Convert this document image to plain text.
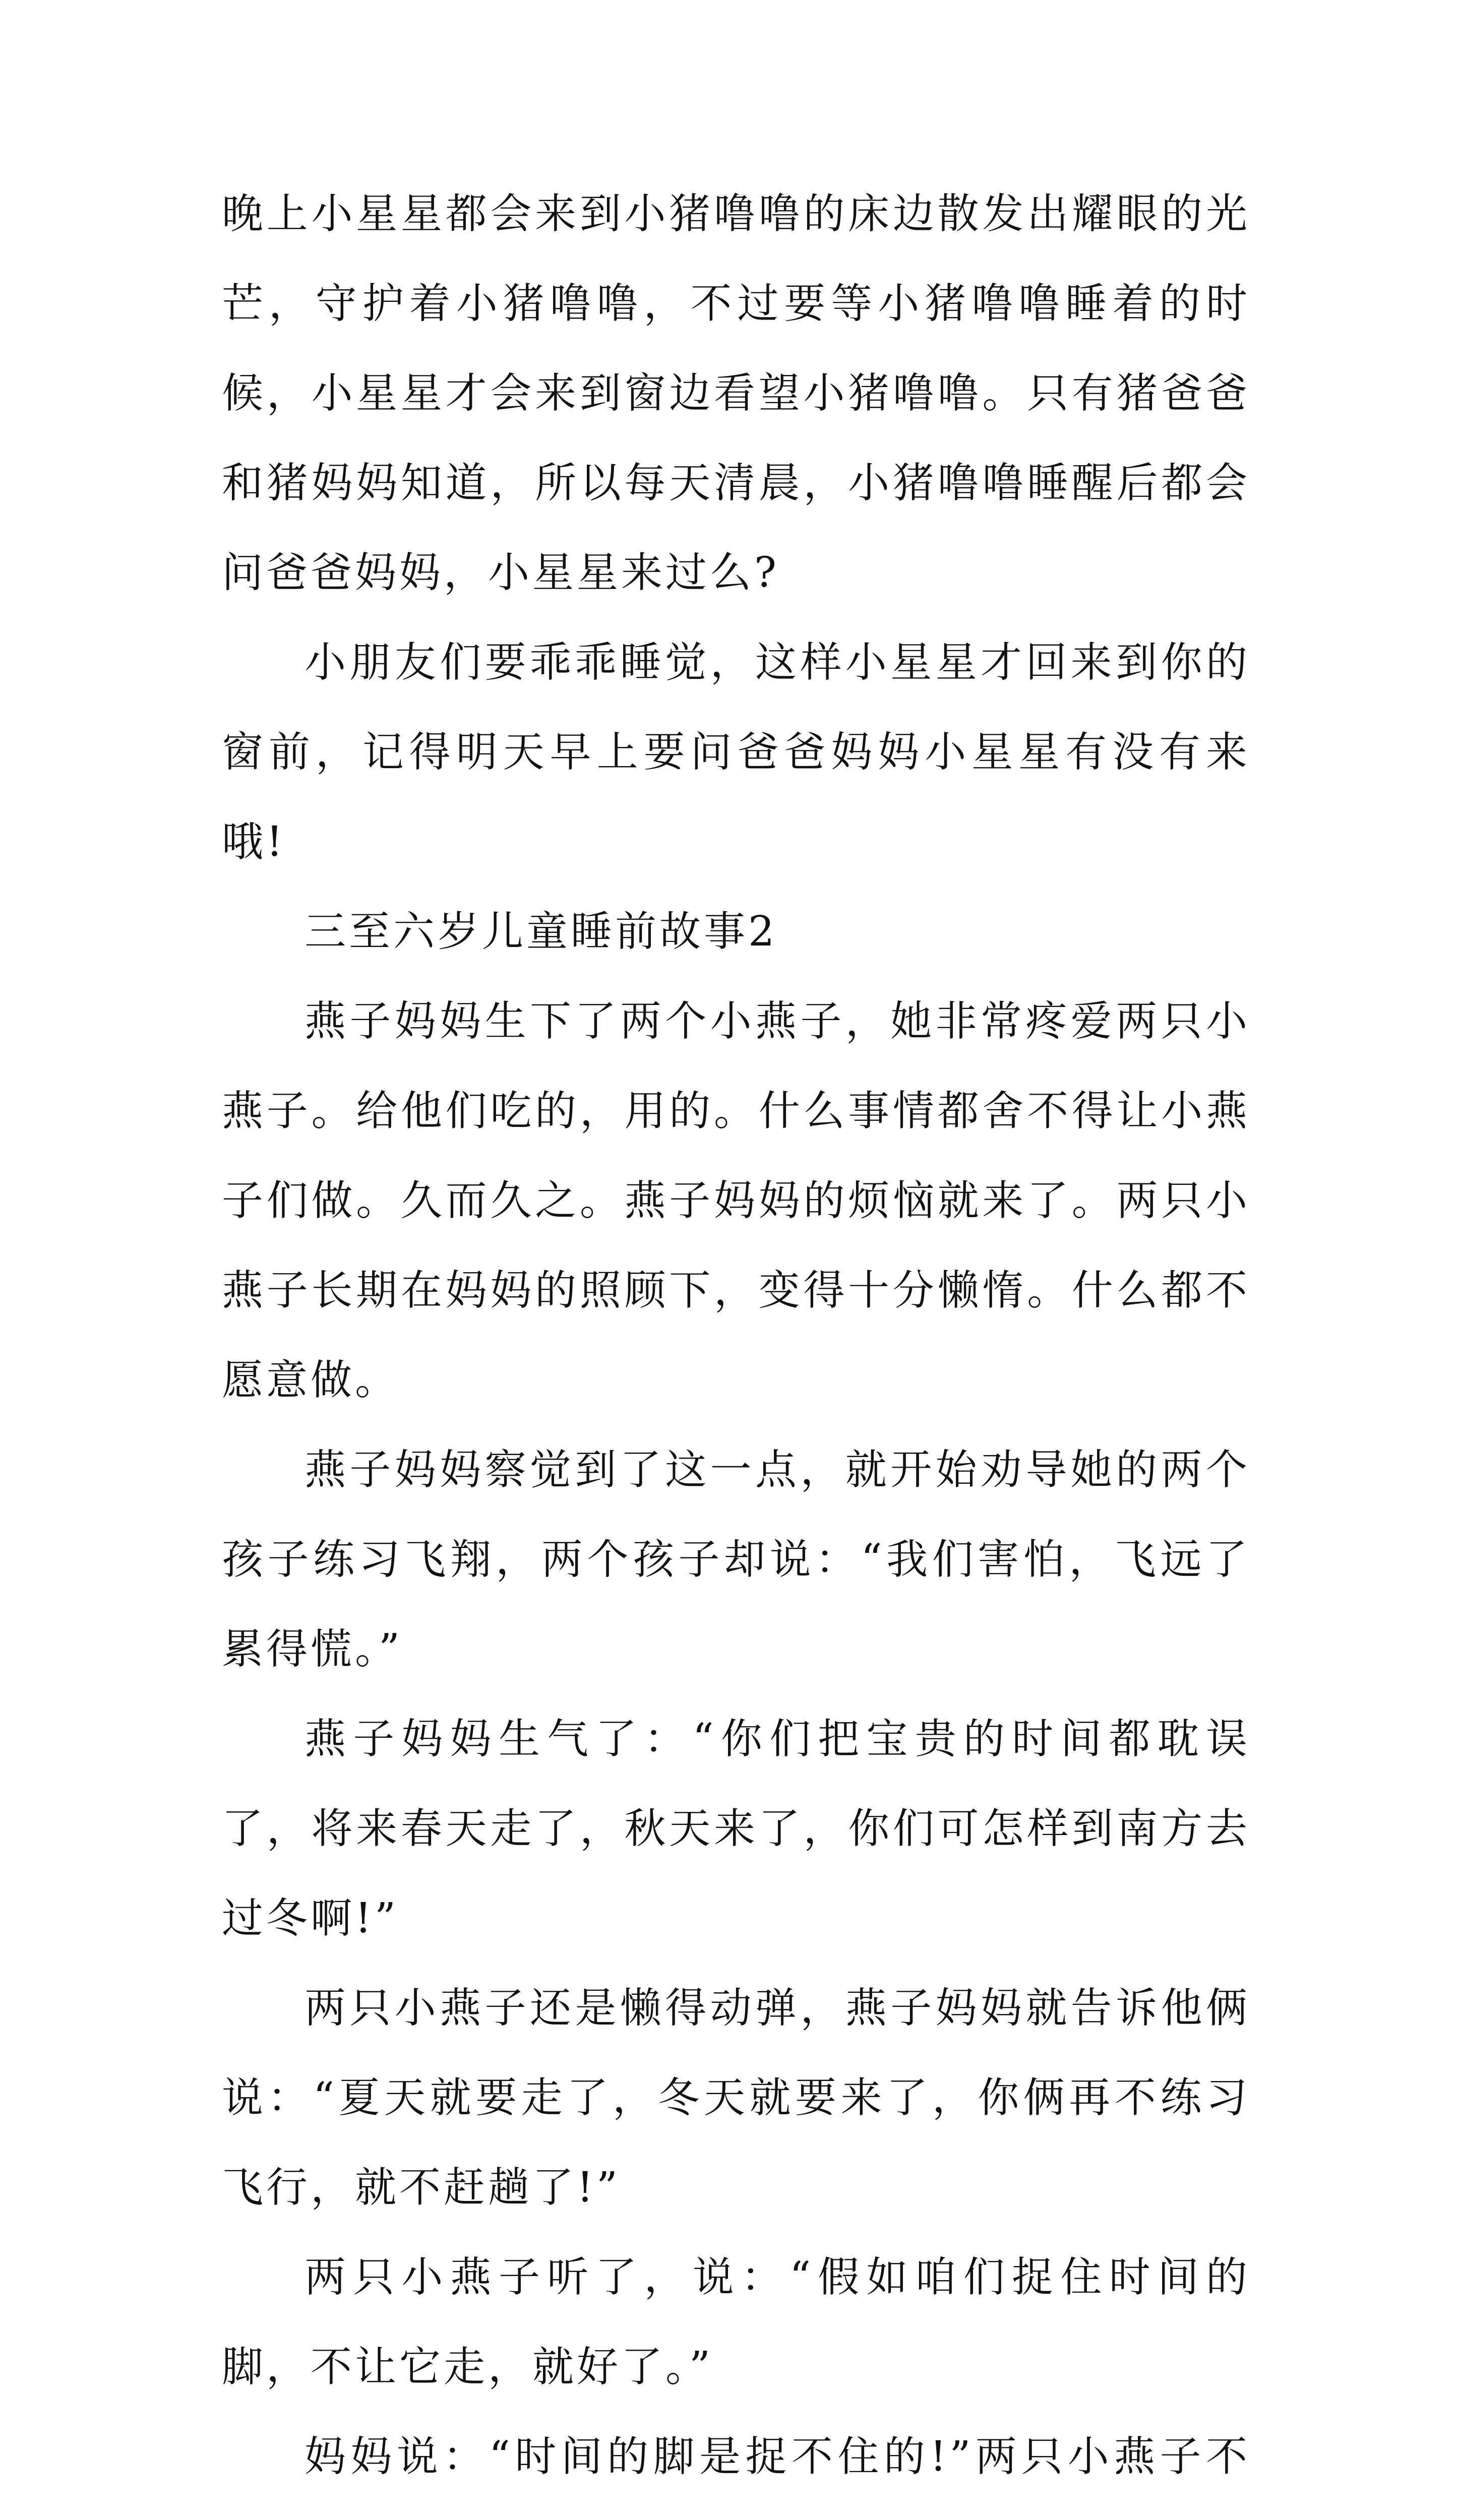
晚上小星星都会来到小猪噜噜的床边散发出耀眼的光芒，守护着小猪噜噜，不过要等小猪噜噜睡着的时候，小星星才会来到窗边看望小猪噜噜。只有猪爸爸和猪妈妈知道，所以每天清晨，小猪噜噜睡醒后都会问爸爸妈妈，小星星来过么?

小朋友们要乖乖睡觉，这样小星星才回来到你的窗前，记得明天早上要问爸爸妈妈小星星有没有来哦!

三至六岁儿童睡前故事2

燕子妈妈生下了两个小燕子，她非常疼爱两只小燕子。给他们吃的，用的。什么事情都舍不得让小燕子们做。久而久之。燕子妈妈的烦恼就来了。两只小燕子长期在妈妈的照顾下，变得十分懒惰。什么都不愿意做。

燕子妈妈察觉到了这一点，就开始劝导她的两个孩子练习飞翔，两个孩子却说：“我们害怕，飞远了累得慌。”

燕子妈妈生气了：“你们把宝贵的时间都耽误了，将来春天走了，秋天来了，你们可怎样到南方去过冬啊!”

两只小燕子还是懒得动弹，燕子妈妈就告诉他俩说：“夏天就要走了，冬天就要来了，你俩再不练习飞行，就不赶趟了!”

两只小燕子听了，说：“假如咱们捉住时间的脚，不让它走，就好了。”

妈妈说：“时间的脚是捉不住的!”两只小燕子不
